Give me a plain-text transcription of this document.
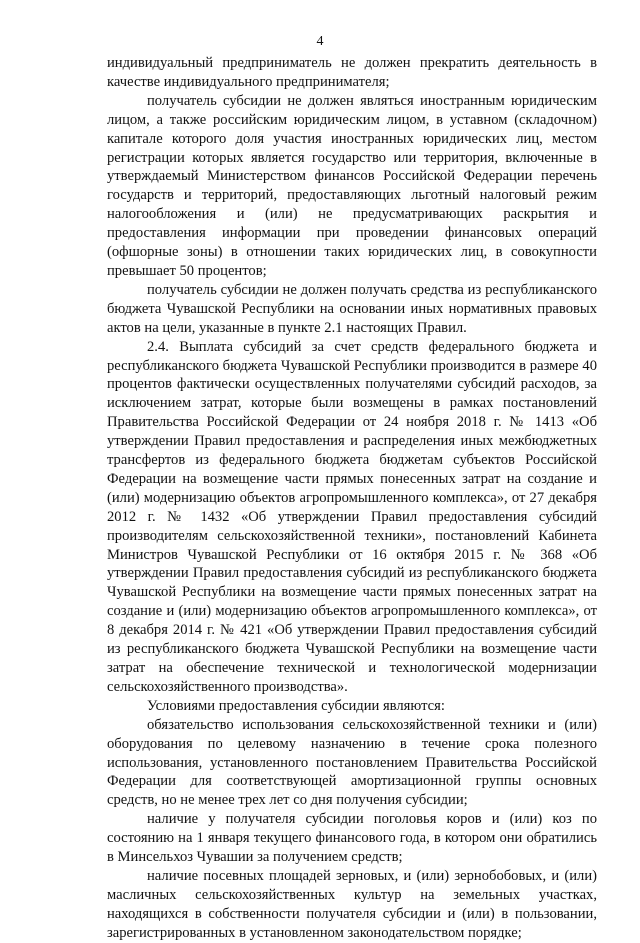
4

индивидуальный предприниматель не должен прекратить деятельность в качестве индивидуального предпринимателя;

получатель субсидии не должен являться иностранным юридическим лицом, а также российским юридическим лицом, в уставном (складочном) капитале которого доля участия иностранных юридических лиц, местом регистрации которых является государство или территория, включенные в утверждаемый Министерством финансов Российской Федерации перечень государств и территорий, предоставляющих льготный налоговый режим налогообложения и (или) не предусматривающих раскрытия и предоставления информации при проведении финансовых операций (офшорные зоны) в отношении таких юридических лиц, в совокупности превышает 50 процентов;

получатель субсидии не должен получать средства из республиканского бюджета Чувашской Республики на основании иных нормативных правовых актов на цели, указанные в пункте 2.1 настоящих Правил.

2.4. Выплата субсидий за счет средств федерального бюджета и республиканского бюджета Чувашской Республики производится в размере 40 процентов фактически осуществленных получателями субсидий расходов, за исключением затрат, которые были возмещены в рамках постановлений Правительства Российской Федерации от 24 ноября 2018 г. № 1413 «Об утверждении Правил предоставления и распределения иных межбюджетных трансфертов из федерального бюджета бюджетам субъектов Российской Федерации на возмещение части прямых понесенных затрат на создание и (или) модернизацию объектов агропромышленного комплекса», от 27 декабря 2012 г. № 1432 «Об утверждении Правил предоставления субсидий производителям сельскохозяйственной техники», постановлений Кабинета Министров Чувашской Республики от 16 октября 2015 г. № 368 «Об утверждении Правил предоставления субсидий из республиканского бюджета Чувашской Республики на возмещение части прямых понесенных затрат на создание и (или) модернизацию объектов агропромышленного комплекса», от 8 декабря 2014 г. № 421 «Об утверждении Правил предоставления субсидий из республиканского бюджета Чувашской Республики на возмещение части затрат на обеспечение технической и технологической модернизации сельскохозяйственного производства».

Условиями предоставления субсидии являются:

обязательство использования сельскохозяйственной техники и (или) оборудования по целевому назначению в течение срока полезного использования, установленного постановлением Правительства Российской Федерации для соответствующей амортизационной группы основных средств, но не менее трех лет со дня получения субсидии;

наличие у получателя субсидии поголовья коров и (или) коз по состоянию на 1 января текущего финансового года, в котором они обратились в Минсельхоз Чувашии за получением средств;

наличие посевных площадей зерновых, и (или) зернобобовых, и (или) масличных сельскохозяйственных культур на земельных участках, находящихся в собственности получателя субсидии и (или) в пользовании, зарегистрированных в установленном законодательством порядке;
